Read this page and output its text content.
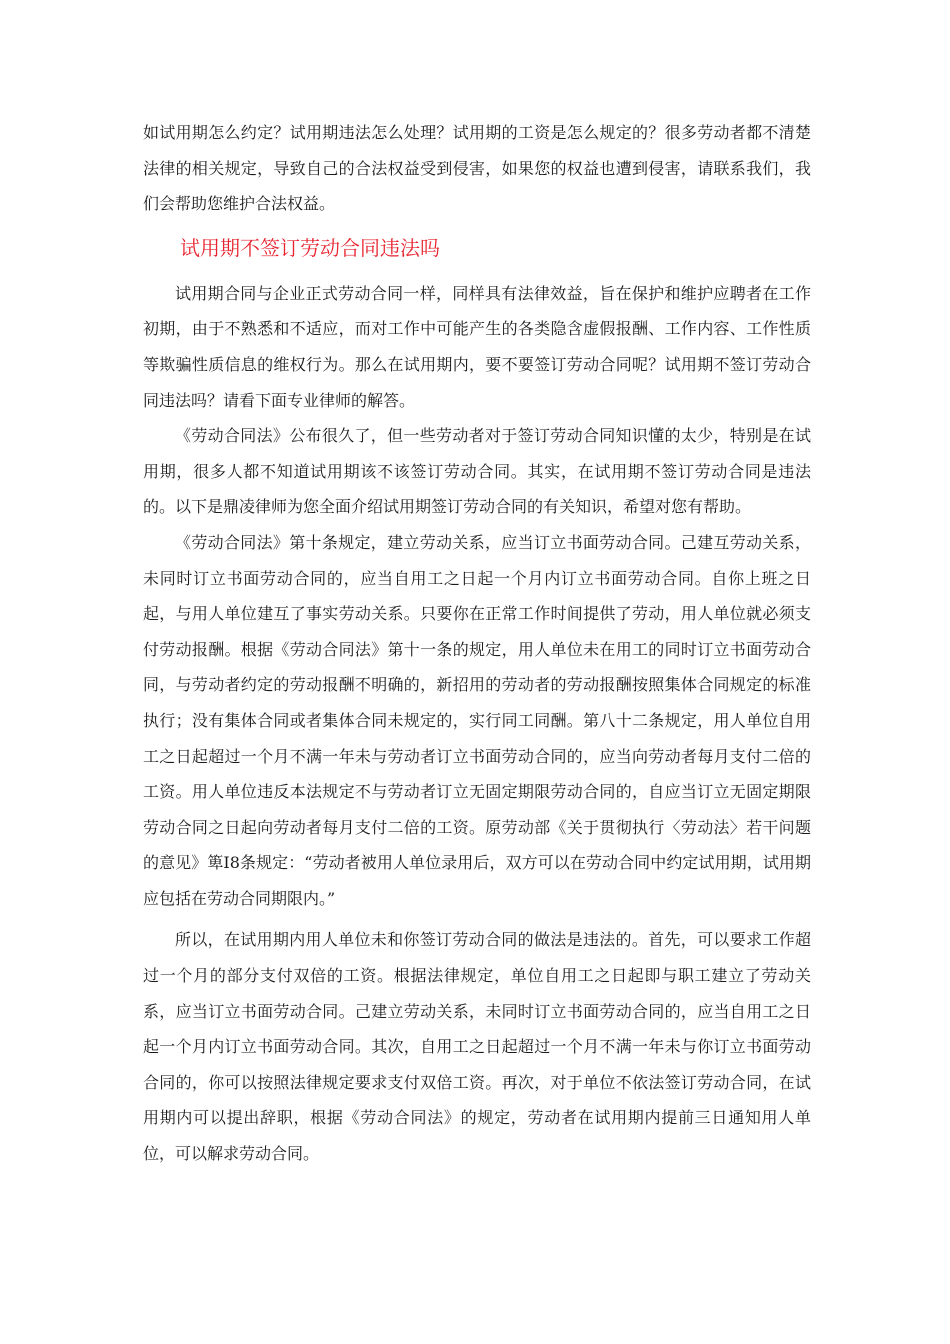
如试用期怎么约定？试用期违法怎么处理？试用期的工资是怎么规定的？很多劳动者都不清楚法律的相关规定，导致自己的合法权益受到侵害，如果您的权益也遭到侵害，请联系我们，我们会帮助您维护合法权益。

试用期不签订劳动合同违法吗

试用期合同与企业正式劳动合同一样，同样具有法律效益，旨在保护和维护应聘者在工作初期，由于不熟悉和不适应，而对工作中可能产生的各类隐含虚假报酬、工作内容、工作性质等欺骗性质信息的维权行为。那么在试用期内，要不要签订劳动合同呢？试用期不签订劳动合同违法吗？请看下面专业律师的解答。

《劳动合同法》公布很久了，但一些劳动者对于签订劳动合同知识懂的太少，特别是在试用期，很多人都不知道试用期该不该签订劳动合同。其实，在试用期不签订劳动合同是违法的。以下是鼎凌律师为您全面介绍试用期签订劳动合同的有关知识，希望对您有帮助。

《劳动合同法》第十条规定，建立劳动关系，应当订立书面劳动合同。己建互劳动关系，未同时订立书面劳动合同的，应当自用工之日起一个月内订立书面劳动合同。自你上班之日起，与用人单位建互了事实劳动关系。只要你在正常工作时间提供了劳动，用人单位就必须支付劳动报酬。根据《劳动合同法》第十一条的规定，用人单位未在用工的同时订立书面劳动合同，与劳动者约定的劳动报酬不明确的，新招用的劳动者的劳动报酬按照集体合同规定的标准执行；没有集体合同或者集体合同未规定的，实行同工同酬。第八十二条规定，用人单位自用工之日起超过一个月不满一年未与劳动者订立书面劳动合同的，应当向劳动者每月支付二倍的工资。用人单位违反本法规定不与劳动者订立无固定期限劳动合同的，自应当订立无固定期限劳动合同之日起向劳动者每月支付二倍的工资。原劳动部《关于贯彻执行〈劳动法〉若干问题的意见》箄I8条规定：“劳动者被用人单位录用后，双方可以在劳动合同中约定试用期，试用期应包括在劳动合同期限内。”

所以，在试用期内用人单位未和你签订劳动合同的做法是违法的。首先，可以要求工作超过一个月的部分支付双倍的工资。根据法律规定，单位自用工之日起即与职工建立了劳动关系，应当订立书面劳动合同。己建立劳动关系，未同时订立书面劳动合同的，应当自用工之日起一个月内订立书面劳动合同。其次，自用工之日起超过一个月不满一年未与你订立书面劳动合同的，你可以按照法律规定要求支付双倍工资。再次，对于单位不依法签订劳动合同，在试用期内可以提出辞职，根据《劳动合同法》的规定，劳动者在试用期内提前三日通知用人单位，可以解求劳动合同。
